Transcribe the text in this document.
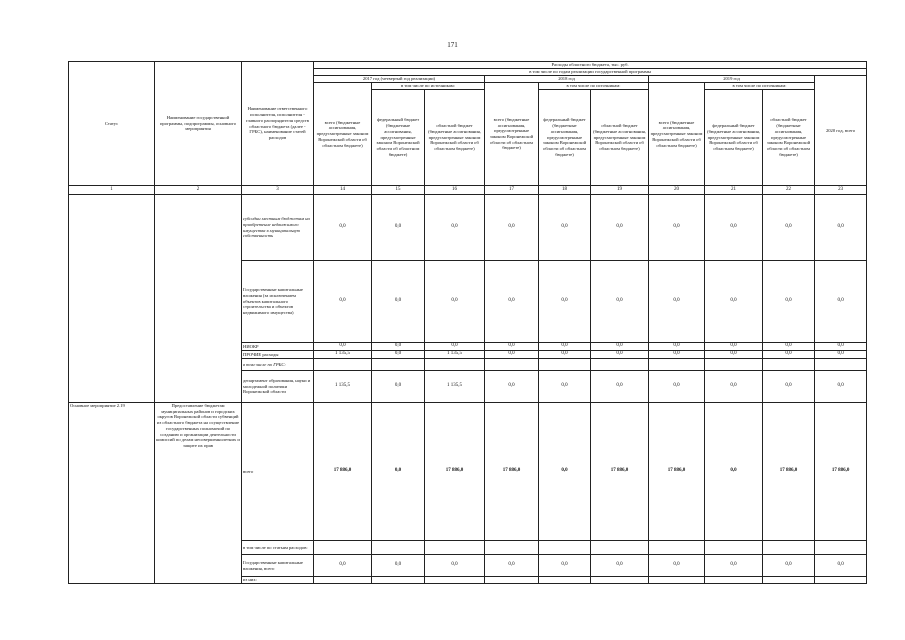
171
Статус	Наименование государственной программы, подпрограммы, основного мероприятия	Наименование ответственного исполнителя, исполнителя - главного распорядителя средств областного бюджета (далее - ГРБС), наименование статей расходов	Расходы областного бюджета, тыс. руб.									
			в том числе по годам реализации государственной программы									
			2017 год (четвертый год реализации)			2018 год			2019 год			2020 год, всего
			всего (бюджетные ассигнования, предусмотренные законом Воронежской области об областном бюджете)	в том числе по источникам:		всего (бюджетные ассигнования, предусмотренные законом Воронежской области об областном бюджете)	в том числе по источникам:		всего (бюджетные ассигнования, предусмотренные законом Воронежской области об областном бюджете)	в том числе по источникам:		
				федеральный бюджет (бюджетные ассигнования, предусмотренные законом Воронежской области об областном бюджете)	областной бюджет (бюджетные ассигнования, предусмотренные законом Воронежской области об областном бюджете)		федеральный бюджет (бюджетные ассигнования, предусмотренные законом Воронежской области об областном бюджете)	областной бюджет (бюджетные ассигнования, предусмотренные законом Воронежской области об областном бюджете)		федеральный бюджет (бюджетные ассигнования, предусмотренные законом Воронежской области об областном бюджете)	областной бюджет (бюджетные ассигнования, предусмотренные законом Воронежской области об областном бюджете)	
1	2	3	14	15	16	17	18	19	20	21	22	23
		субсидии местным бюджетам на приобретение недвижимого имущества в муниципальную собственность	0,0	0,0	0,0	0,0	0,0	0,0	0,0	0,0	0,0	0,0
		Государственные капитальные вложения (за исключением объектов капитального строительства и объектов недвижимого имущества)	0,0	0,0	0,0	0,0	0,0	0,0	0,0	0,0	0,0	0,0
		НИОКР	0,0	0,0	0,0	0,0	0,0	0,0	0,0	0,0	0,0	0,0
		ПРОЧИЕ расходы	1 135,5	0,0	1 135,5	0,0	0,0	0,0	0,0	0,0	0,0	0,0
		в том числе по ГРБС:										
		департамент образования, науки и молодежной политики Воронежской области	1 135,5	0,0	1 135,5	0,0	0,0	0,0	0,0	0,0	0,0	0,0
Основное мероприятие 2.19	Предоставление бюджетам муниципальных районов и городских округов Воронежской области субвенций из областного бюджета на осуществление государственных полномочий по созданию и организации деятельности комиссий по делам несовершеннолетних и защите их прав	всего	17 886,0	0,0	17 886,0	17 886,0	0,0	17 886,0	17 886,0	0,0	17 886,0	17 886,0
		в том числе по статьям расходов:										
		Государственные капитальные вложения, всего	0,0	0,0	0,0	0,0	0,0	0,0	0,0	0,0	0,0	0,0
		из них:										
